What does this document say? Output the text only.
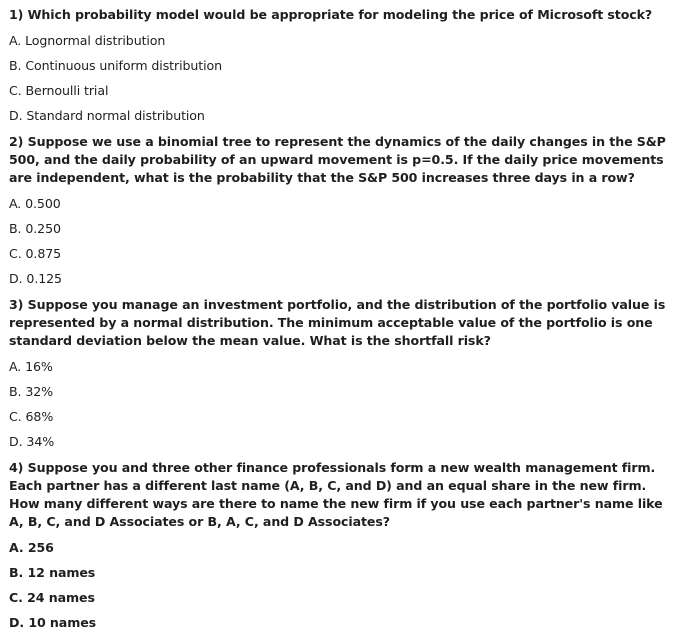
1) Which probability model would be appropriate for modeling the price of Microsoft stock?

A. Lognormal distribution
B. Continuous uniform distribution
C. Bernoulli trial
D. Standard normal distribution

2) Suppose we use a binomial tree to represent the dynamics of the daily changes in the S&P 500, and the daily probability of an upward movement is p=0.5. If the daily price movements are independent, what is the probability that the S&P 500 increases three days in a row?

A. 0.500
B. 0.250
C. 0.875
D. 0.125

3) Suppose you manage an investment portfolio, and the distribution of the portfolio value is represented by a normal distribution. The minimum acceptable value of the portfolio is one standard deviation below the mean value. What is the shortfall risk?

A. 16%
B. 32%
C. 68%
D. 34%

4) Suppose you and three other finance professionals form a new wealth management firm. Each partner has a different last name (A, B, C, and D) and an equal share in the new firm. How many different ways are there to name the new firm if you use each partner's name like A, B, C, and D Associates or B, A, C, and D Associates?

A. 256
B. 12 names
C. 24 names
D. 10 names
